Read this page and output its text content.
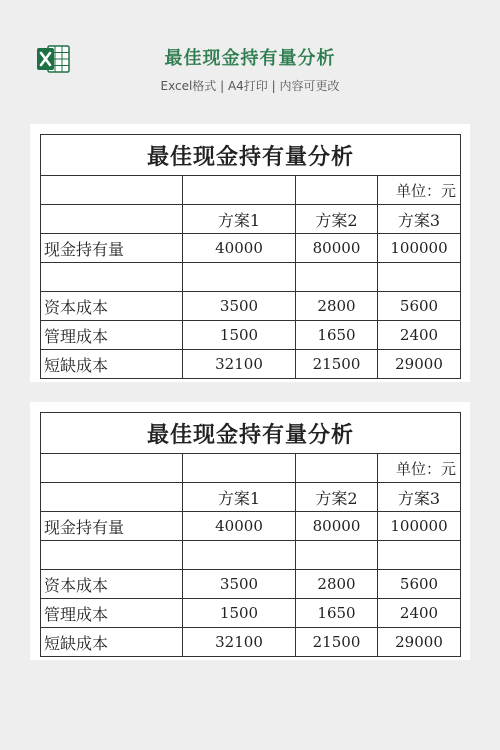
最佳现金持有量分析
Excel格式 | A4打印 | 内容可更改
最佳现金持有量分析			
			单位：元
	方案1	方案2	方案3
现金持有量	40000	80000	100000

资本成本	3500	2800	5600
管理成本	1500	1650	2400
短缺成本	32100	21500	29000
最佳现金持有量分析			
			单位：元
	方案1	方案2	方案3
现金持有量	40000	80000	100000

资本成本	3500	2800	5600
管理成本	1500	1650	2400
短缺成本	32100	21500	29000
